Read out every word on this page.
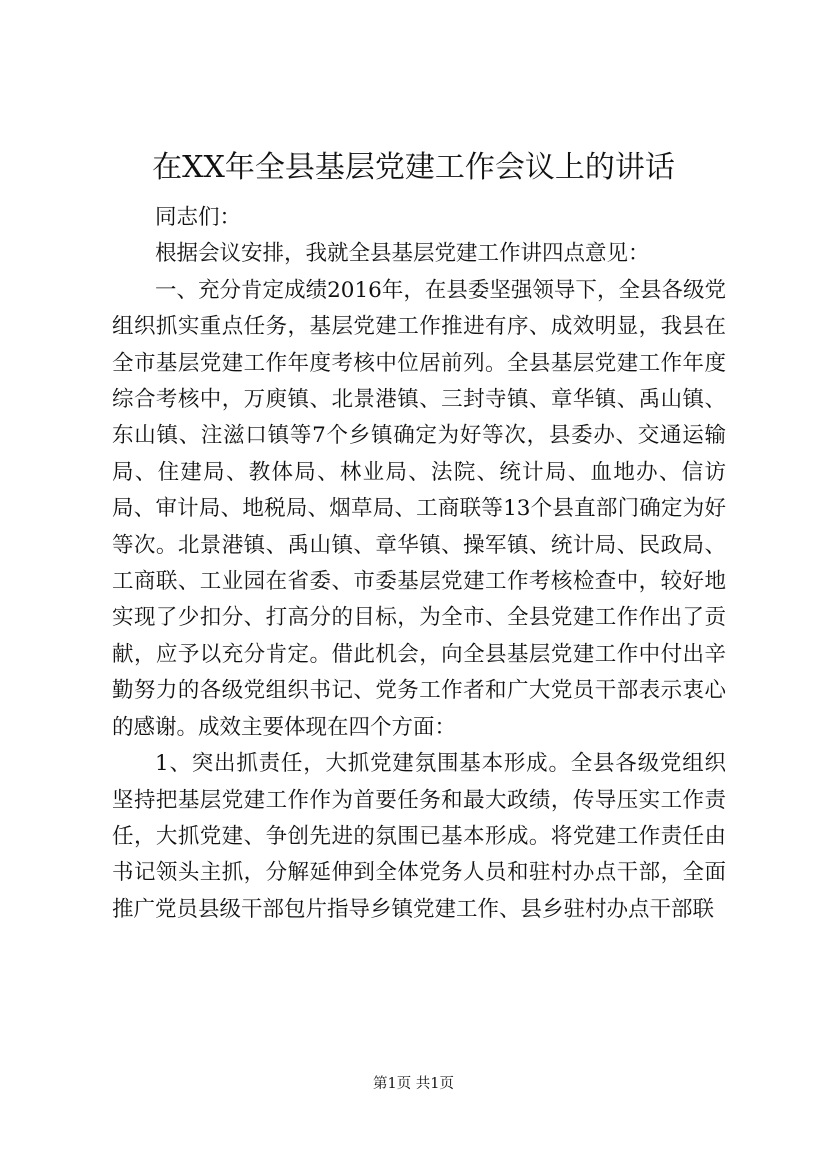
在XX年全县基层党建工作会议上的讲话

同志们：

根据会议安排，我就全县基层党建工作讲四点意见：

一、充分肯定成绩2016年，在县委坚强领导下，全县各级党组织抓实重点任务，基层党建工作推进有序、成效明显，我县在全市基层党建工作年度考核中位居前列。全县基层党建工作年度综合考核中，万庾镇、北景港镇、三封寺镇、章华镇、禹山镇、东山镇、注滋口镇等7个乡镇确定为好等次，县委办、交通运输局、住建局、教体局、林业局、法院、统计局、血地办、信访局、审计局、地税局、烟草局、工商联等13个县直部门确定为好等次。北景港镇、禹山镇、章华镇、操军镇、统计局、民政局、工商联、工业园在省委、市委基层党建工作考核检查中，较好地实现了少扣分、打高分的目标，为全市、全县党建工作作出了贡献，应予以充分肯定。借此机会，向全县基层党建工作中付出辛勤努力的各级党组织书记、党务工作者和广大党员干部表示衷心的感谢。成效主要体现在四个方面：

1、突出抓责任，大抓党建氛围基本形成。全县各级党组织坚持把基层党建工作作为首要任务和最大政绩，传导压实工作责任，大抓党建、争创先进的氛围已基本形成。将党建工作责任由书记领头主抓，分解延伸到全体党务人员和驻村办点干部，全面推广党员县级干部包片指导乡镇党建工作、县乡驻村办点干部联

第1页 共1页
